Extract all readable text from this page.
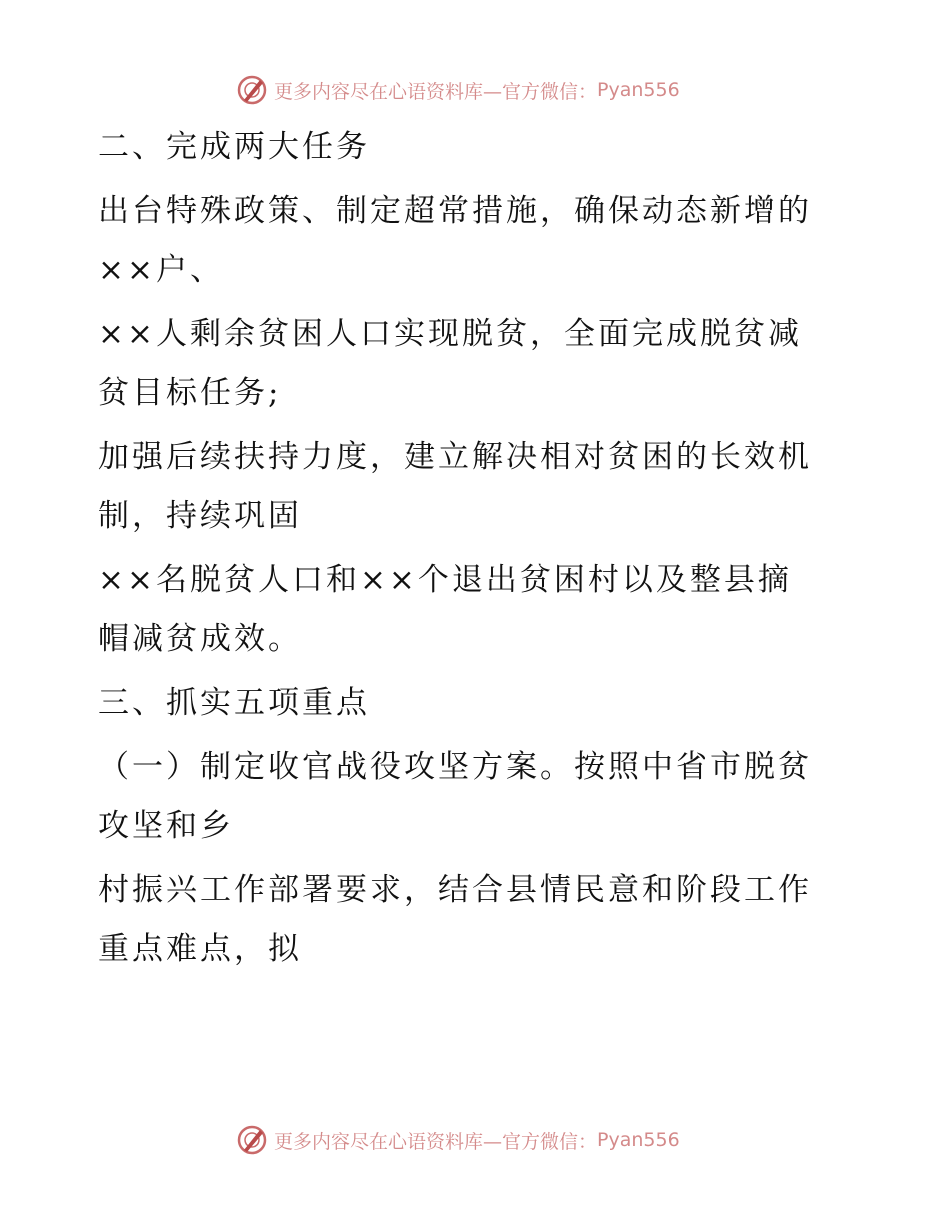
更多内容尽在心语资料库—官方微信： Pyan556

二、完成两大任务

出台特殊政策、制定超常措施，确保动态新增的
××户、

××人剩余贫困人口实现脱贫，全面完成脱贫减
贫目标任务;

加强后续扶持力度，建立解决相对贫困的长效机
制，持续巩固

××名脱贫人口和××个退出贫困村以及整县摘
帽减贫成效。

三、抓实五项重点

（一）制定收官战役攻坚方案。按照中省市脱贫
攻坚和乡

村振兴工作部署要求，结合县情民意和阶段工作
重点难点，拟

更多内容尽在心语资料库—官方微信： Pyan556
